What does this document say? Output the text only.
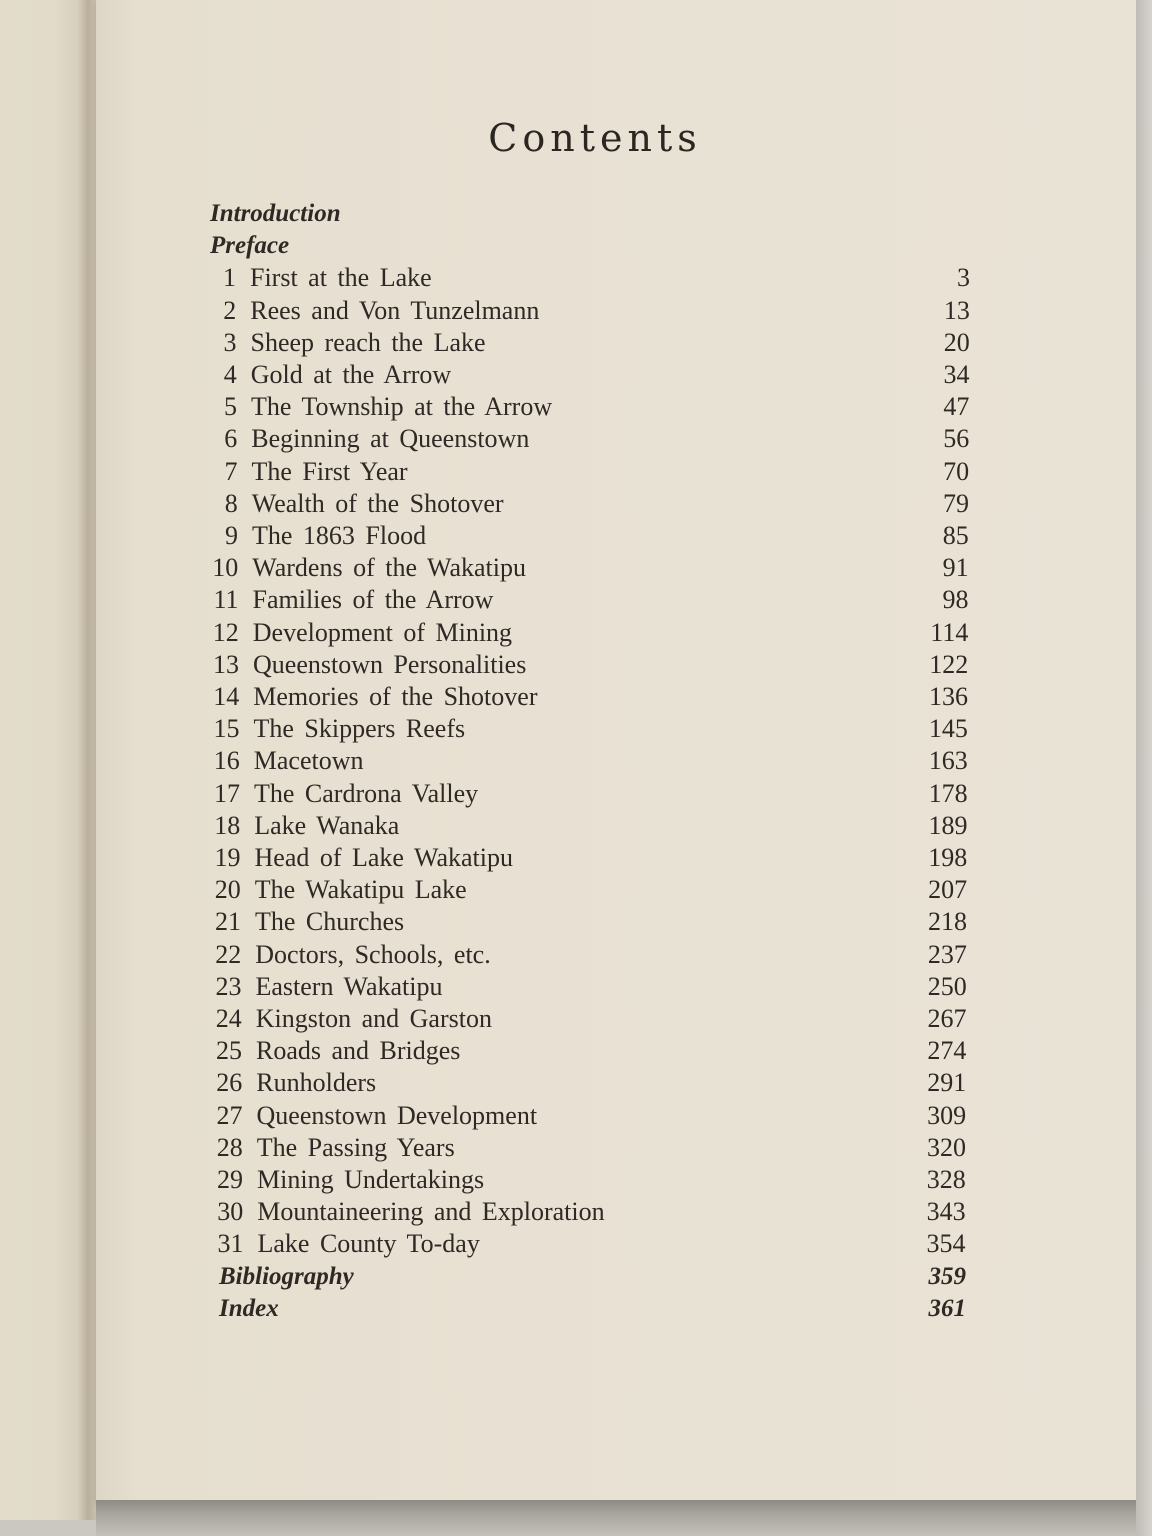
Contents
Introduction
Preface
1 First at the Lake	3
2 Rees and Von Tunzelmann	13
3 Sheep reach the Lake	20
4 Gold at the Arrow	34
5 The Township at the Arrow	47
6 Beginning at Queenstown	56
7 The First Year	70
8 Wealth of the Shotover	79
9 The 1863 Flood	85
10 Wardens of the Wakatipu	91
11 Families of the Arrow	98
12 Development of Mining	114
13 Queenstown Personalities	122
14 Memories of the Shotover	136
15 The Skippers Reefs	145
16 Macetown	163
17 The Cardrona Valley	178
18 Lake Wanaka	189
19 Head of Lake Wakatipu	198
20 The Wakatipu Lake	207
21 The Churches	218
22 Doctors, Schools, etc.	237
23 Eastern Wakatipu	250
24 Kingston and Garston	267
25 Roads and Bridges	274
26 Runholders	291
27 Queenstown Development	309
28 The Passing Years	320
29 Mining Undertakings	328
30 Mountaineering and Exploration	343
31 Lake County To-day	354
Bibliography	359
Index	361
